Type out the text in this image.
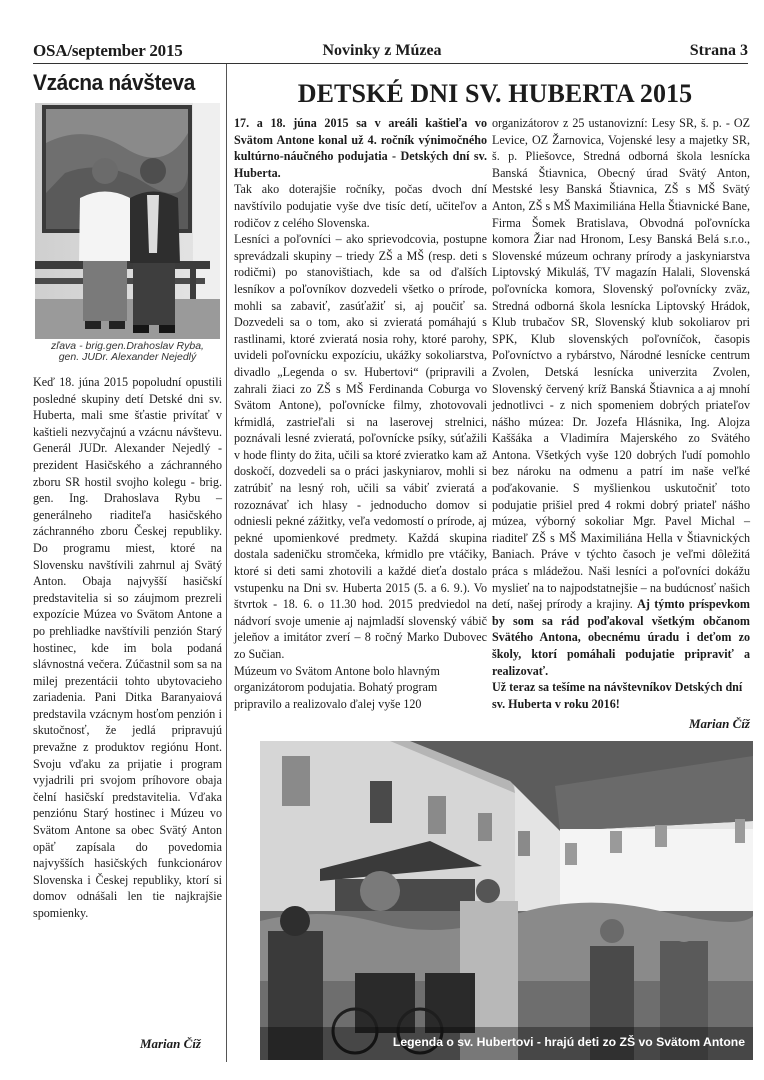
OSA/september 2015	Novinky z Múzea	Strana 3
Vzácna návšteva
zľava - brig.gen.Drahoslav Ryba,
gen. JUDr. Alexander Nejedlý
Keď 18. júna 2015 popoludní opustili posledné skupiny detí Detské dni sv. Huberta, mali sme šťastie privítať v kaštieli nezvyčajnú a vzácnu návštevu. Generál JUDr. Alexander Nejedlý - prezident Hasičského a záchranného zboru SR hostil svojho kolegu - brig. gen. Ing. Drahoslava Rybu – generálneho riaditeľa hasičského záchranného zboru Českej republiky. Do programu miest, ktoré na Slovensku navštívili zahrnul aj Svätý Anton. Obaja najvyšší hasičskí predstavitelia si so záujmom prezreli expozície Múzea vo Svätom Antone a po prehliadke navštívili penzión Starý hostinec, kde im bola podaná slávnostná večera. Zúčastnil som sa na milej prezentácii tohto ubytovacieho zariadenia. Pani Ditka Baranyaiová predstavila vzácnym hosťom penzión i skutočnosť, že jedlá pripravujú prevažne z produktov regiónu Hont. Svoju vďaku za prijatie i program vyjadrili pri svojom príhovore obaja čelní hasičskí predstavitelia. Vďaka penziónu Starý hostinec i Múzeu vo Svätom Antone sa obec Svätý Anton opäť zapísala do povedomia najvyšších hasičských funkcionárov Slovenska i Českej republiky, ktorí si domov odnášali len tie najkrajšie spomienky.
Marian Číž
DETSKÉ DNI SV. HUBERTA 2015

17. a 18. júna 2015 sa v areáli kaštieľa vo Svätom Antone konal už 4. ročník výnimočného kultúrno-náučného podujatia - Detských dní sv. Huberta.

Tak ako doterajšie ročníky, počas dvoch dní navštívilo podujatie vyše dve tisíc detí, učiteľov a rodičov z celého Slovenska.

Lesníci a poľovníci – ako sprievodcovia, postupne sprevádzali skupiny – triedy ZŠ a MŠ (resp. deti s rodičmi) po stanovištiach, kde sa od ďalších lesníkov a poľovníkov dozvedeli všetko o prírode, mohli sa zabaviť, zasúťažiť si, aj poučiť sa. Dozvedeli sa o tom, ako si zvieratá pomáhajú s rastlinami, ktoré zvieratá nosia rohy, ktoré parohy, uvideli poľovnícku expozíciu, ukážky sokoliarstva, divadlo „Legenda o sv. Hubertovi“ (pripravili a zahrali žiaci zo ZŠ s MŠ Ferdinanda Coburga vo Svätom Antone), poľovnícke filmy, zhotovovali kŕmidlá, zastrieľali si na laserovej strelnici, poznávali lesné zvieratá, poľovnícke psíky, súťažili v hode flinty do žita, učili sa ktoré zvieratko kam až doskočí, dozvedeli sa o práci jaskyniarov, mohli si zatrúbiť na lesný roh, učili sa vábiť zvieratá a rozoznávať ich hlasy - jednoducho domov si odniesli pekné zážitky, veľa vedomostí o prírode, aj pekné upomienkové predmety. Každá skupina dostala sadeničku stromčeka, kŕmidlo pre vtáčiky, ktoré si deti sami zhotovili a každé dieťa dostalo vstupenku na Dni sv. Huberta 2015 (5. a 6. 9.). Vo štvrtok - 18. 6. o 11.30 hod. 2015 predviedol na nádvorí svoje umenie aj najmladší slovenský vábič jeleňov a imitátor zverí – 8 ročný Marko Dubovec zo Sučian.

Múzeum vo Svätom Antone bolo hlavným organizátorom podujatia. Bohatý program pripravilo a realizovalo ďalej vyše 120

organizátorov z 25 ustanovizní: Lesy SR, š. p. - OZ Levice, OZ Žarnovica, Vojenské lesy a majetky SR, š. p. Pliešovce, Stredná odborná škola lesnícka Banská Štiavnica, Obecný úrad Svätý Anton, Mestské lesy Banská Štiavnica, ZŠ s MŠ Svätý Anton, ZŠ s MŠ Maximiliána Hella Štiavnické Bane, Firma Šomek Bratislava, Obvodná poľovnícka komora Žiar nad Hronom, Lesy Banská Belá s.r.o., Slovenské múzeum ochrany prírody a jaskyniarstva Liptovský Mikuláš, TV magazín Halali, Slovenská poľovnícka komora, Slovenský poľovnícky zväz, Stredná odborná škola lesnícka Liptovský Hrádok, Klub trubačov SR, Slovenský klub sokoliarov pri SPK, Klub slovenských poľovníčok, časopis Poľovníctvo a rybárstvo, Národné lesnícke centrum Zvolen, Detská lesnícka univerzita Zvolen, Slovenský červený kríž Banská Štiavnica a aj mnohí jednotlivci - z nich spomeniem dobrých priateľov nášho múzea: Dr. Jozefa Hlásnika, Ing. Alojza Kaššáka a Vladimíra Majerského zo Svätého Antona. Všetkých vyše 120 dobrých ľudí pomohlo bez nároku na odmenu a patrí im naše veľké poďakovanie. S myšlienkou uskutočniť toto podujatie prišiel pred 4 rokmi dobrý priateľ nášho múzea, výborný sokoliar Mgr. Pavel Michal – riaditeľ ZŠ s MŠ Maximiliána Hella v Štiavnických Baniach. Práve v týchto časoch je veľmi dôležitá práca s mládežou. Naši lesníci a poľovníci dokážu myslieť na to najpodstatnejšie – na budúcnosť našich detí, našej prírody a krajiny. Aj týmto príspevkom by som sa rád poďakoval všetkým občanom Svätého Antona, obecnému úradu i deťom zo školy, ktorí pomáhali podujatie pripraviť a realizovať.

Už teraz sa tešíme na návštevníkov Detských dní sv. Huberta v roku 2016!

Marian Číž
Legenda o sv. Hubertovi - hrajú deti zo ZŠ vo Svätom Antone
